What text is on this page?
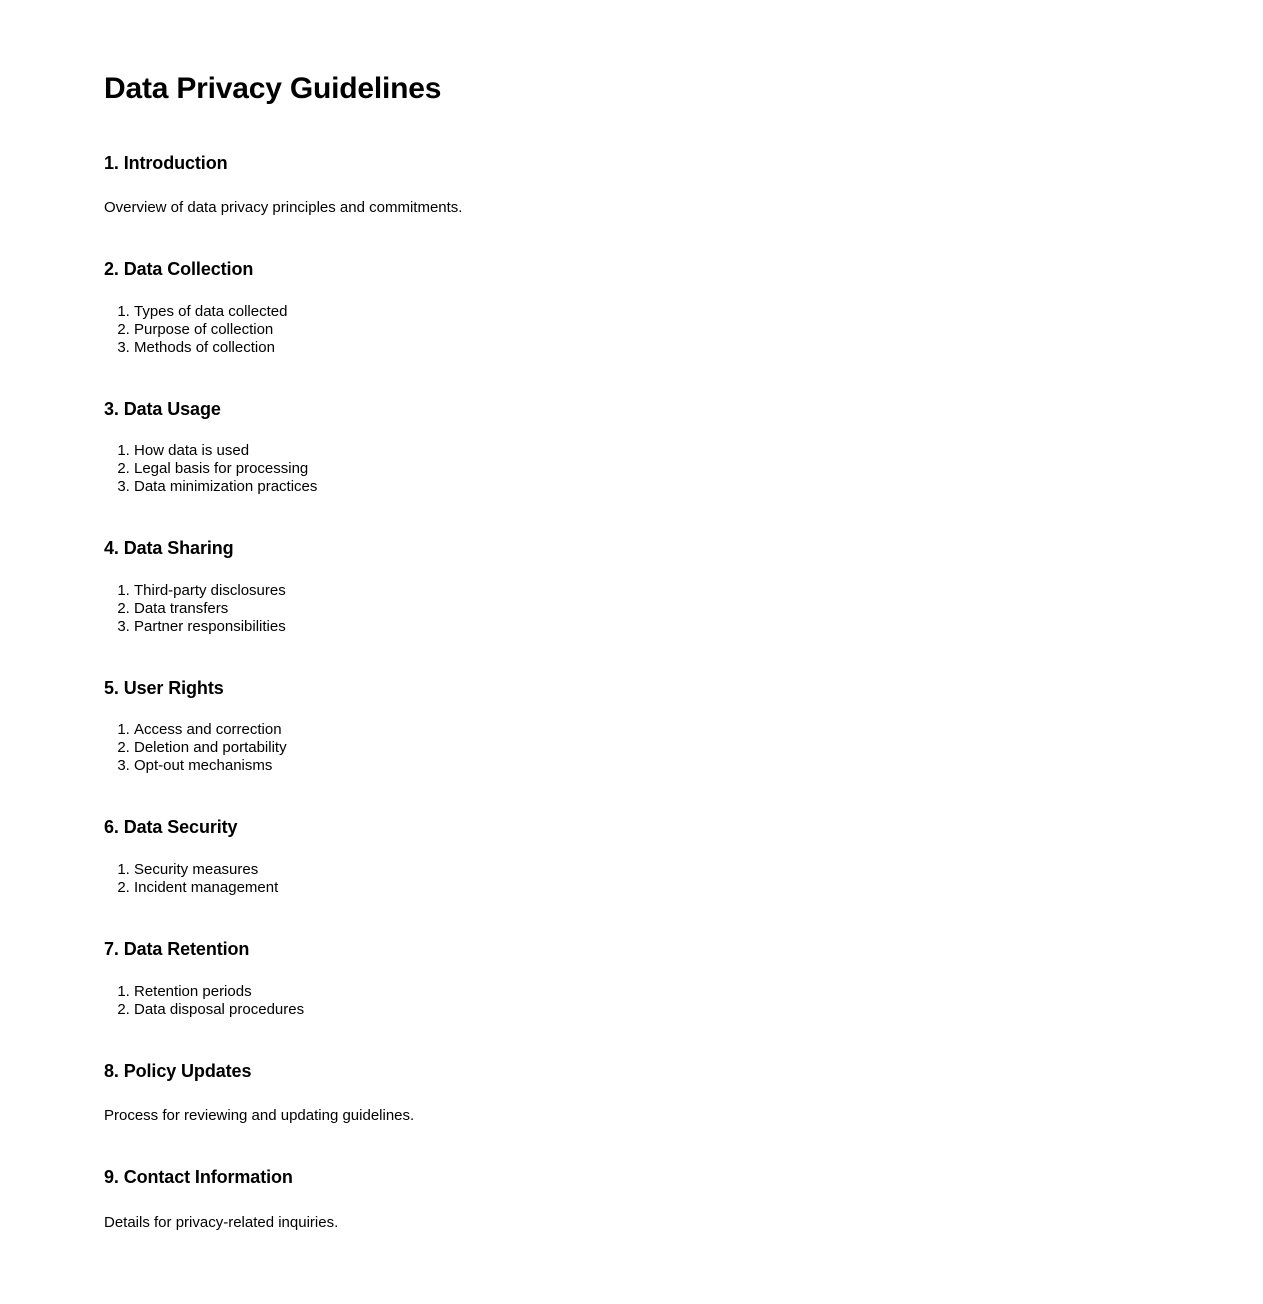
Data Privacy Guidelines
1. Introduction

Overview of data privacy principles and commitments.

2. Data Collection
1. Types of data collected
2. Purpose of collection
3. Methods of collection
3. Data Usage
1. How data is used
2. Legal basis for processing
3. Data minimization practices
4. Data Sharing
1. Third-party disclosures
2. Data transfers
3. Partner responsibilities
5. User Rights
1. Access and correction
2. Deletion and portability
3. Opt-out mechanisms
6. Data Security
1. Security measures
2. Incident management
7. Data Retention
1. Retention periods
2. Data disposal procedures
8. Policy Updates

Process for reviewing and updating guidelines.

9. Contact Information

Details for privacy-related inquiries.
